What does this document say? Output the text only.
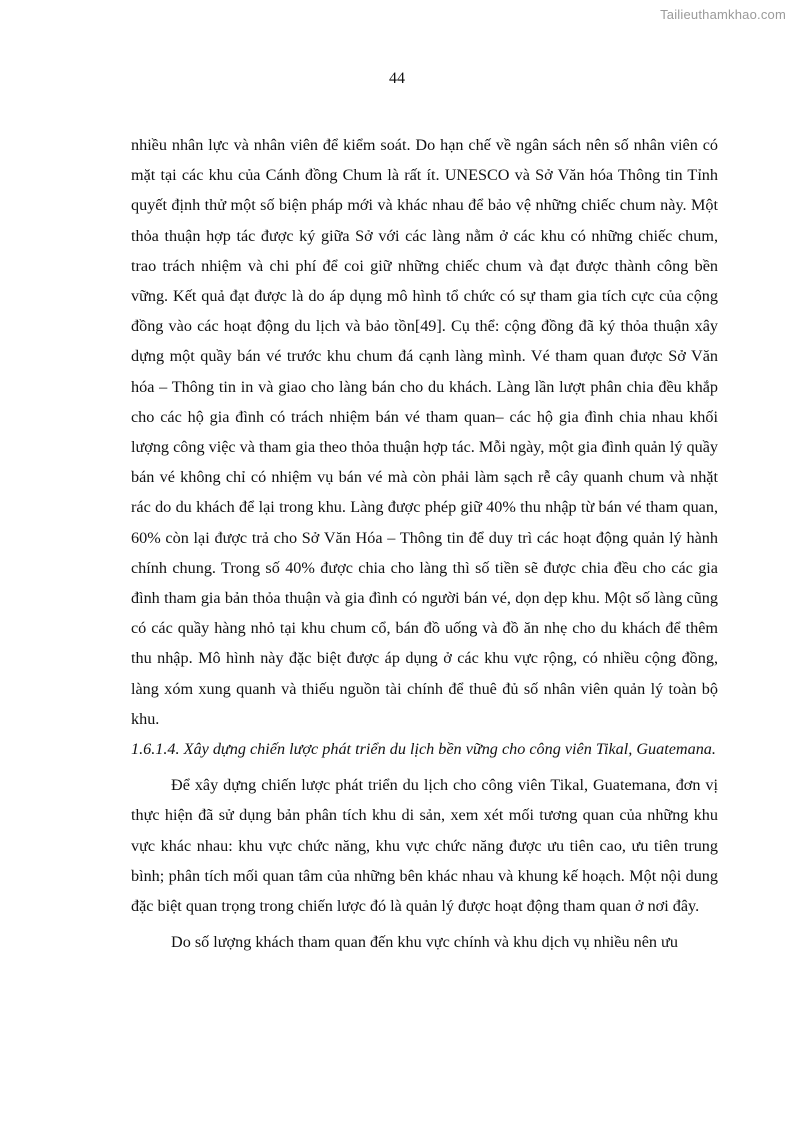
Tailieuthamkhao.com
44

nhiều nhân lực và nhân viên để kiểm soát. Do hạn chế về ngân sách nên số nhân viên có mặt tại các khu của Cánh đồng Chum là rất ít. UNESCO và Sở Văn hóa Thông tin Tỉnh quyết định thử một số biện pháp mới và khác nhau để bảo vệ những chiếc chum này. Một thỏa thuận hợp tác được ký giữa Sở với các làng nằm ở các khu có những chiếc chum, trao trách nhiệm và chi phí để coi giữ những chiếc chum và đạt được thành công bền vững. Kết quả đạt được là do áp dụng mô hình tổ chức có sự tham gia tích cực của cộng đồng vào các hoạt động du lịch và bảo tồn[49]. Cụ thể: cộng đồng đã ký thỏa thuận xây dựng một quầy bán vé trước khu chum đá cạnh làng mình. Vé tham quan được Sở Văn hóa – Thông tin in và giao cho làng bán cho du khách. Làng lần lượt phân chia đều khắp cho các hộ gia đình có trách nhiệm bán vé tham quan– các hộ gia đình chia nhau khối lượng công việc và tham gia theo thỏa thuận hợp tác. Mỗi ngày, một gia đình quản lý quầy bán vé không chỉ có nhiệm vụ bán vé mà còn phải làm sạch rễ cây quanh chum và nhặt rác do du khách để lại trong khu. Làng được phép giữ 40% thu nhập từ bán vé tham quan, 60% còn lại được trả cho Sở Văn Hóa – Thông tin để duy trì các hoạt động quản lý hành chính chung. Trong số 40% được chia cho làng thì số tiền sẽ được chia đều cho các gia đình tham gia bản thỏa thuận và gia đình có người bán vé, dọn dẹp khu. Một số làng cũng có các quầy hàng nhỏ tại khu chum cổ, bán đồ uống và đồ ăn nhẹ cho du khách để thêm thu nhập. Mô hình này đặc biệt được áp dụng ở các khu vực rộng, có nhiều cộng đồng, làng xóm xung quanh và thiếu nguồn tài chính để thuê đủ số nhân viên quản lý toàn bộ khu.

1.6.1.4. Xây dựng chiến lược phát triển du lịch bền vững cho công viên Tikal, Guatemana.

Để xây dựng chiến lược phát triển du lịch cho công viên Tikal, Guatemana, đơn vị thực hiện đã sử dụng bản phân tích khu di sản, xem xét mối tương quan của những khu vực khác nhau: khu vực chức năng, khu vực chức năng được ưu tiên cao, ưu tiên trung bình; phân tích mối quan tâm của những bên khác nhau và khung kế hoạch. Một nội dung đặc biệt quan trọng trong chiến lược đó là quản lý được hoạt động tham quan ở nơi đây.

Do số lượng khách tham quan đến khu vực chính và khu dịch vụ nhiều nên ưu
